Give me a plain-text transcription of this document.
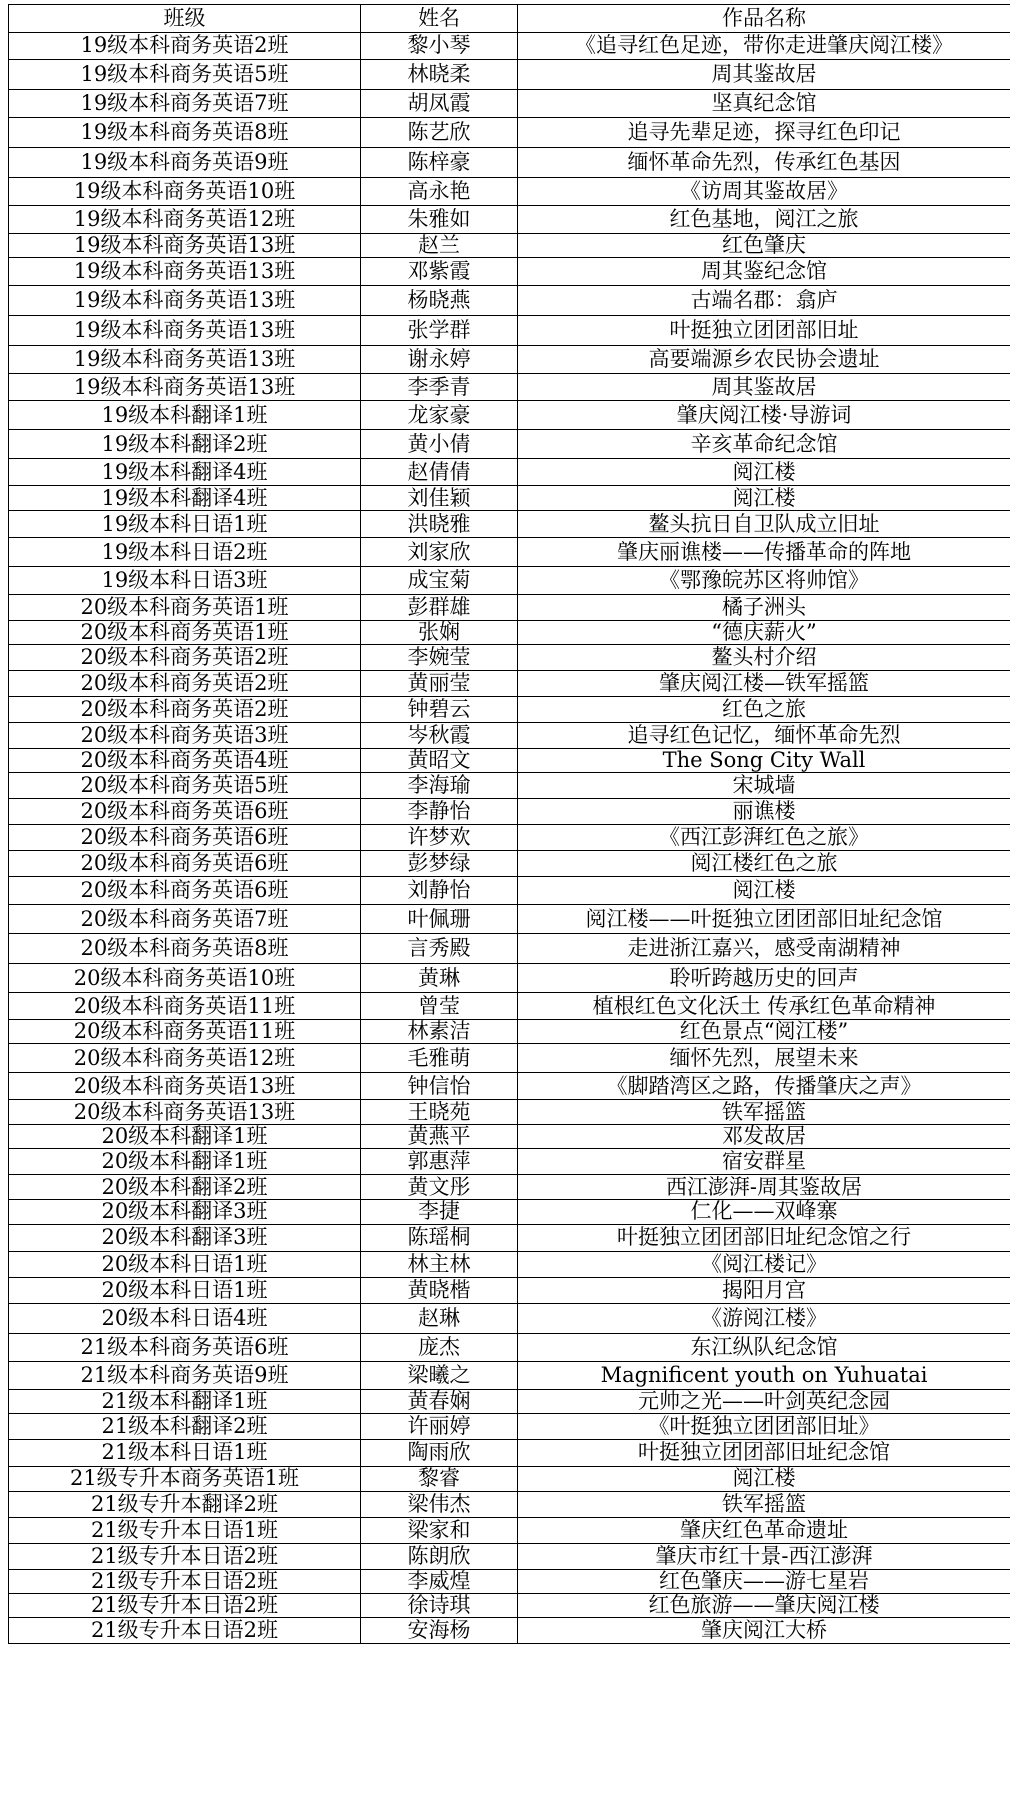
班级	姓名	作品名称
19级本科商务英语2班	黎小琴	《追寻红色足迹，带你走进肇庆阅江楼》
19级本科商务英语5班	林晓柔	周其鉴故居
19级本科商务英语7班	胡凤霞	坚真纪念馆
19级本科商务英语8班	陈艺欣	追寻先辈足迹，探寻红色印记
19级本科商务英语9班	陈梓豪	缅怀革命先烈，传承红色基因
19级本科商务英语10班	高永艳	《访周其鉴故居》
19级本科商务英语12班	朱雅如	红色基地，阅江之旅
19级本科商务英语13班	赵兰	红色肇庆
19级本科商务英语13班	邓紫霞	周其鉴纪念馆
19级本科商务英语13班	杨晓燕	古端名郡：翕庐
19级本科商务英语13班	张学群	叶挺独立团团部旧址
19级本科商务英语13班	谢永婷	高要端源乡农民协会遗址
19级本科商务英语13班	李季青	周其鉴故居
19级本科翻译1班	龙家豪	肇庆阅江楼·导游词
19级本科翻译2班	黄小倩	辛亥革命纪念馆
19级本科翻译4班	赵倩倩	阅江楼
19级本科翻译4班	刘佳颖	阅江楼
19级本科日语1班	洪晓雅	鳌头抗日自卫队成立旧址
19级本科日语2班	刘家欣	肇庆丽谯楼——传播革命的阵地
19级本科日语3班	成宝菊	《鄂豫皖苏区将帅馆》
20级本科商务英语1班	彭群雄	橘子洲头
20级本科商务英语1班	张娴	“德庆薪火”
20级本科商务英语2班	李婉莹	鳌头村介绍
20级本科商务英语2班	黄丽莹	肇庆阅江楼—铁军摇篮
20级本科商务英语2班	钟碧云	红色之旅
20级本科商务英语3班	岑秋霞	追寻红色记忆，缅怀革命先烈
20级本科商务英语4班	黄昭文	The Song City Wall
20级本科商务英语5班	李海瑜	宋城墙
20级本科商务英语6班	李静怡	丽谯楼
20级本科商务英语6班	许梦欢	《西江彭湃红色之旅》
20级本科商务英语6班	彭梦绿	阅江楼红色之旅
20级本科商务英语6班	刘静怡	阅江楼
20级本科商务英语7班	叶佩珊	阅江楼——叶挺独立团团部旧址纪念馆
20级本科商务英语8班	言秀殿	走进浙江嘉兴，感受南湖精神
20级本科商务英语10班	黄琳	聆听跨越历史的回声
20级本科商务英语11班	曾莹	植根红色文化沃土 传承红色革命精神
20级本科商务英语11班	林素洁	红色景点“阅江楼”
20级本科商务英语12班	毛雅萌	缅怀先烈，展望未来
20级本科商务英语13班	钟信怡	《脚踏湾区之路，传播肇庆之声》
20级本科商务英语13班	王晓苑	铁军摇篮
20级本科翻译1班	黄燕平	邓发故居
20级本科翻译1班	郭惠萍	宿安群星
20级本科翻译2班	黄文彤	西江澎湃-周其鉴故居
20级本科翻译3班	李捷	仁化——双峰寨
20级本科翻译3班	陈瑶桐	叶挺独立团团部旧址纪念馆之行
20级本科日语1班	林主林	《阅江楼记》
20级本科日语1班	黄晓楷	揭阳月宫
20级本科日语4班	赵琳	《游阅江楼》
21级本科商务英语6班	庞杰	东江纵队纪念馆
21级本科商务英语9班	梁曦之	Magnificent youth on Yuhuatai
21级本科翻译1班	黄春娴	元帅之光——叶剑英纪念园
21级本科翻译2班	许丽婷	《叶挺独立团团部旧址》
21级本科日语1班	陶雨欣	叶挺独立团团部旧址纪念馆
21级专升本商务英语1班	黎睿	阅江楼
21级专升本翻译2班	梁伟杰	铁军摇篮
21级专升本日语1班	梁家和	肇庆红色革命遗址
21级专升本日语2班	陈朗欣	肇庆市红十景-西江澎湃
21级专升本日语2班	李威煌	红色肇庆——游七星岩
21级专升本日语2班	徐诗琪	红色旅游——肇庆阅江楼
21级专升本日语2班	安海杨	肇庆阅江大桥
